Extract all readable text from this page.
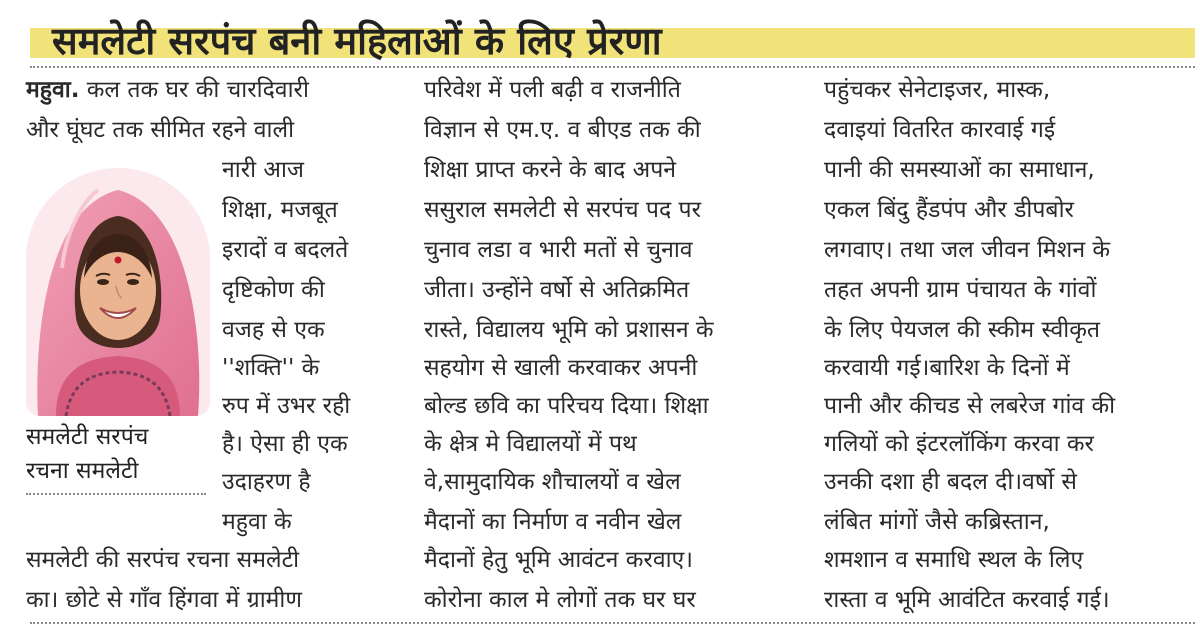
समलेटी सरपंच बनी महिलाओं के लिए प्रेरणा
महुवा. कल तक घर की चारदिवारी
और घूंघट तक सीमित रहने वाली
नारी आज
शिक्षा, मजबूत
इरादों व बदलते
दृष्टिकोण की
वजह से एक
''शक्ति'' के
रुप में उभर रही
है। ऐसा ही एक
उदाहरण है
महुवा के
समलेटी की सरपंच रचना समलेटी
का। छोटे से गाँव हिंगवा में ग्रामीण
समलेटी सरपंच
रचना समलेटी
परिवेश में पली बढ़ी व राजनीति
विज्ञान से एम.ए. व बीएड तक की
शिक्षा प्राप्त करने के बाद अपने
ससुराल समलेटी से सरपंच पद पर
चुनाव लडा व भारी मतों से चुनाव
जीता। उन्होंने वर्षो से अतिक्रमित
रास्ते, विद्यालय भूमि को प्रशासन के
सहयोग से खाली करवाकर अपनी
बोल्ड छवि का परिचय दिया। शिक्षा
के क्षेत्र मे विद्यालयों में पथ
वे,सामुदायिक शौचालयों व खेल
मैदानों का निर्माण व नवीन खेल
मैदानों हेतु भूमि आवंटन करवाए।
कोरोना काल मे लोगों तक घर घर
पहुंचकर सेनेटाइजर, मास्क,
दवाइयां वितरित कारवाई गई
पानी की समस्याओं का समाधान,
एकल बिंदु हैंडपंप और डीपबोर
लगवाए। तथा जल जीवन मिशन के
तहत अपनी ग्राम पंचायत के गांवों
के लिए पेयजल की स्कीम स्वीकृत
करवायी गई।बारिश के दिनों में
पानी और कीचड से लबरेज गांव की
गलियों को इंटरलॉकिंग करवा कर
उनकी दशा ही बदल दी।वर्षो से
लंबित मांगों जैसे कब्रिस्तान,
शमशान व समाधि स्थल के लिए
रास्ता व भूमि आवंटित करवाई गई।
